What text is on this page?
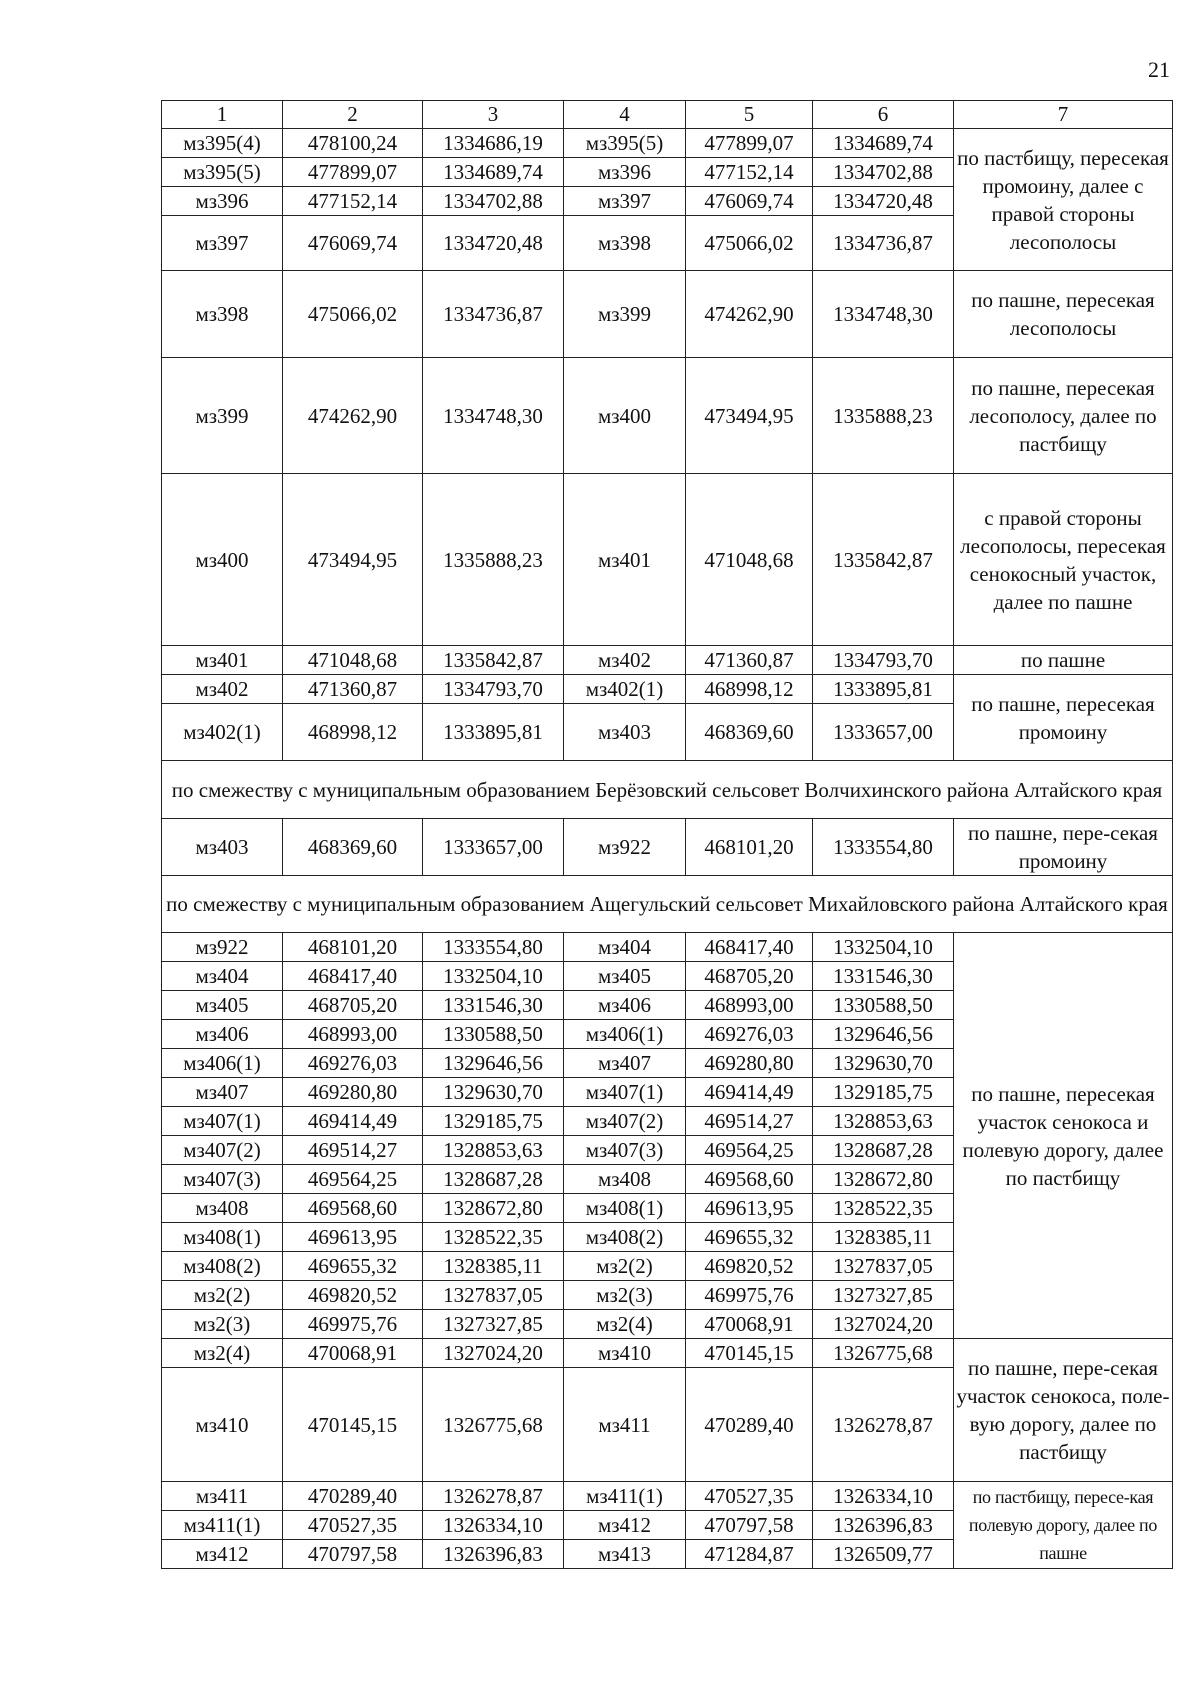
21
1	2	3	4	5	6	7
мз395(4)	478100,24	1334686,19	мз395(5)	477899,07	1334689,74	по пастбищу, пересекая промоину, далее с правой стороны лесополосы
мз395(5)	477899,07	1334689,74	мз396	477152,14	1334702,88	
мз396	477152,14	1334702,88	мз397	476069,74	1334720,48	
мз397	476069,74	1334720,48	мз398	475066,02	1334736,87	
мз398	475066,02	1334736,87	мз399	474262,90	1334748,30	по пашне, пересекая лесополосы
мз399	474262,90	1334748,30	мз400	473494,95	1335888,23	по пашне, пересекая лесополосу, далее по пастбищу
мз400	473494,95	1335888,23	мз401	471048,68	1335842,87	с правой стороны лесополосы, пересекая сенокосный участок, далее по пашне
мз401	471048,68	1335842,87	мз402	471360,87	1334793,70	по пашне
мз402	471360,87	1334793,70	мз402(1)	468998,12	1333895,81	по пашне, пересекая промоину
мз402(1)	468998,12	1333895,81	мз403	468369,60	1333657,00	
по смежеству с муниципальным образованием Берёзовский сельсовет Волчихинского района Алтайского края						
мз403	468369,60	1333657,00	мз922	468101,20	1333554,80	по пашне, пере-секая промоину
по смежеству с муниципальным образованием Ащегульский сельсовет Михайловского района Алтайского края						
мз922	468101,20	1333554,80	мз404	468417,40	1332504,10	по пашне, пересекая участок сенокоса и полевую дорогу, далее по пастбищу
мз404	468417,40	1332504,10	мз405	468705,20	1331546,30	
мз405	468705,20	1331546,30	мз406	468993,00	1330588,50	
мз406	468993,00	1330588,50	мз406(1)	469276,03	1329646,56	
мз406(1)	469276,03	1329646,56	мз407	469280,80	1329630,70	
мз407	469280,80	1329630,70	мз407(1)	469414,49	1329185,75	
мз407(1)	469414,49	1329185,75	мз407(2)	469514,27	1328853,63	
мз407(2)	469514,27	1328853,63	мз407(3)	469564,25	1328687,28	
мз407(3)	469564,25	1328687,28	мз408	469568,60	1328672,80	
мз408	469568,60	1328672,80	мз408(1)	469613,95	1328522,35	
мз408(1)	469613,95	1328522,35	мз408(2)	469655,32	1328385,11	
мз408(2)	469655,32	1328385,11	мз2(2)	469820,52	1327837,05	
мз2(2)	469820,52	1327837,05	мз2(3)	469975,76	1327327,85	
мз2(3)	469975,76	1327327,85	мз2(4)	470068,91	1327024,20	
мз2(4)	470068,91	1327024,20	мз410	470145,15	1326775,68	по пашне, пере-секая участок сенокоса, поле-вую дорогу, далее по пастбищу
мз410	470145,15	1326775,68	мз411	470289,40	1326278,87	
мз411	470289,40	1326278,87	мз411(1)	470527,35	1326334,10	по пастбищу, пересе-кая полевую дорогу, далее по пашне
мз411(1)	470527,35	1326334,10	мз412	470797,58	1326396,83	
мз412	470797,58	1326396,83	мз413	471284,87	1326509,77	
